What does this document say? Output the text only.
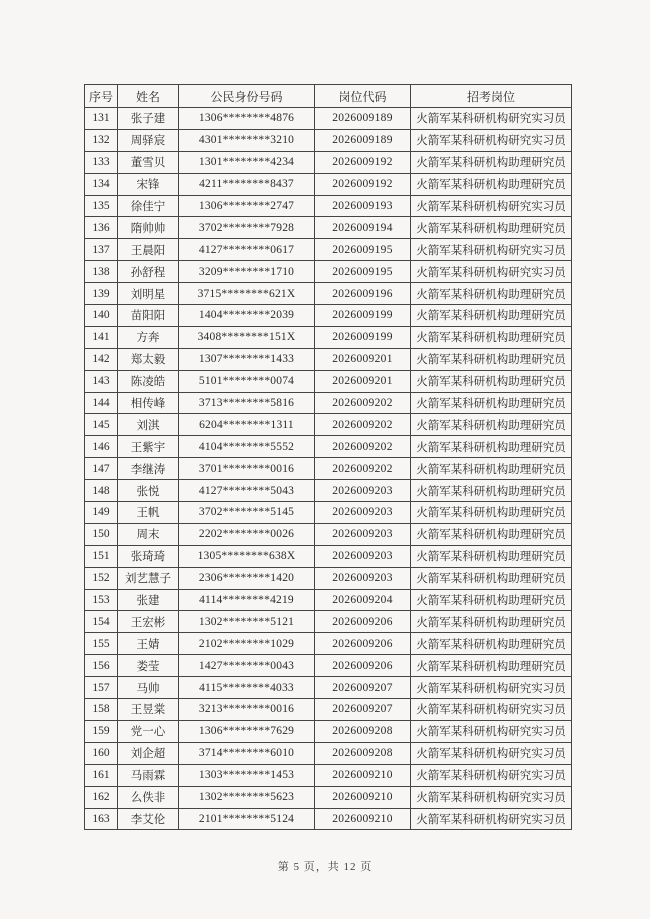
序号	姓名	公民身份号码	岗位代码	招考岗位
131	张子建	1306********4876	2026009189	火箭军某科研机构研究实习员
132	周驿宸	4301********3210	2026009189	火箭军某科研机构研究实习员
133	董雪贝	1301********4234	2026009192	火箭军某科研机构助理研究员
134	宋锋	4211********8437	2026009192	火箭军某科研机构助理研究员
135	徐佳宁	1306********2747	2026009193	火箭军某科研机构研究实习员
136	隋帅帅	3702********7928	2026009194	火箭军某科研机构助理研究员
137	王晨阳	4127********0617	2026009195	火箭军某科研机构研究实习员
138	孙舒程	3209********1710	2026009195	火箭军某科研机构研究实习员
139	刘明星	3715********621X	2026009196	火箭军某科研机构助理研究员
140	苗阳阳	1404********2039	2026009199	火箭军某科研机构助理研究员
141	方奔	3408********151X	2026009199	火箭军某科研机构助理研究员
142	郑太毅	1307********1433	2026009201	火箭军某科研机构助理研究员
143	陈凌皓	5101********0074	2026009201	火箭军某科研机构助理研究员
144	相传峰	3713********5816	2026009202	火箭军某科研机构助理研究员
145	刘淇	6204********1311	2026009202	火箭军某科研机构助理研究员
146	王紫宇	4104********5552	2026009202	火箭军某科研机构助理研究员
147	李继涛	3701********0016	2026009202	火箭军某科研机构助理研究员
148	张悦	4127********5043	2026009203	火箭军某科研机构助理研究员
149	王帆	3702********5145	2026009203	火箭军某科研机构助理研究员
150	周末	2202********0026	2026009203	火箭军某科研机构助理研究员
151	张琦琦	1305********638X	2026009203	火箭军某科研机构助理研究员
152	刘艺慧子	2306********1420	2026009203	火箭军某科研机构助理研究员
153	张建	4114********4219	2026009204	火箭军某科研机构助理研究员
154	王宏彬	1302********5121	2026009206	火箭军某科研机构助理研究员
155	王婧	2102********1029	2026009206	火箭军某科研机构助理研究员
156	娄莹	1427********0043	2026009206	火箭军某科研机构助理研究员
157	马帅	4115********4033	2026009207	火箭军某科研机构研究实习员
158	王昱棠	3213********0016	2026009207	火箭军某科研机构研究实习员
159	党一心	1306********7629	2026009208	火箭军某科研机构研究实习员
160	刘企超	3714********6010	2026009208	火箭军某科研机构研究实习员
161	马雨霖	1303********1453	2026009210	火箭军某科研机构研究实习员
162	么佚非	1302********5623	2026009210	火箭军某科研机构研究实习员
163	李艾伦	2101********5124	2026009210	火箭军某科研机构研究实习员
第 5 页，共 12 页
